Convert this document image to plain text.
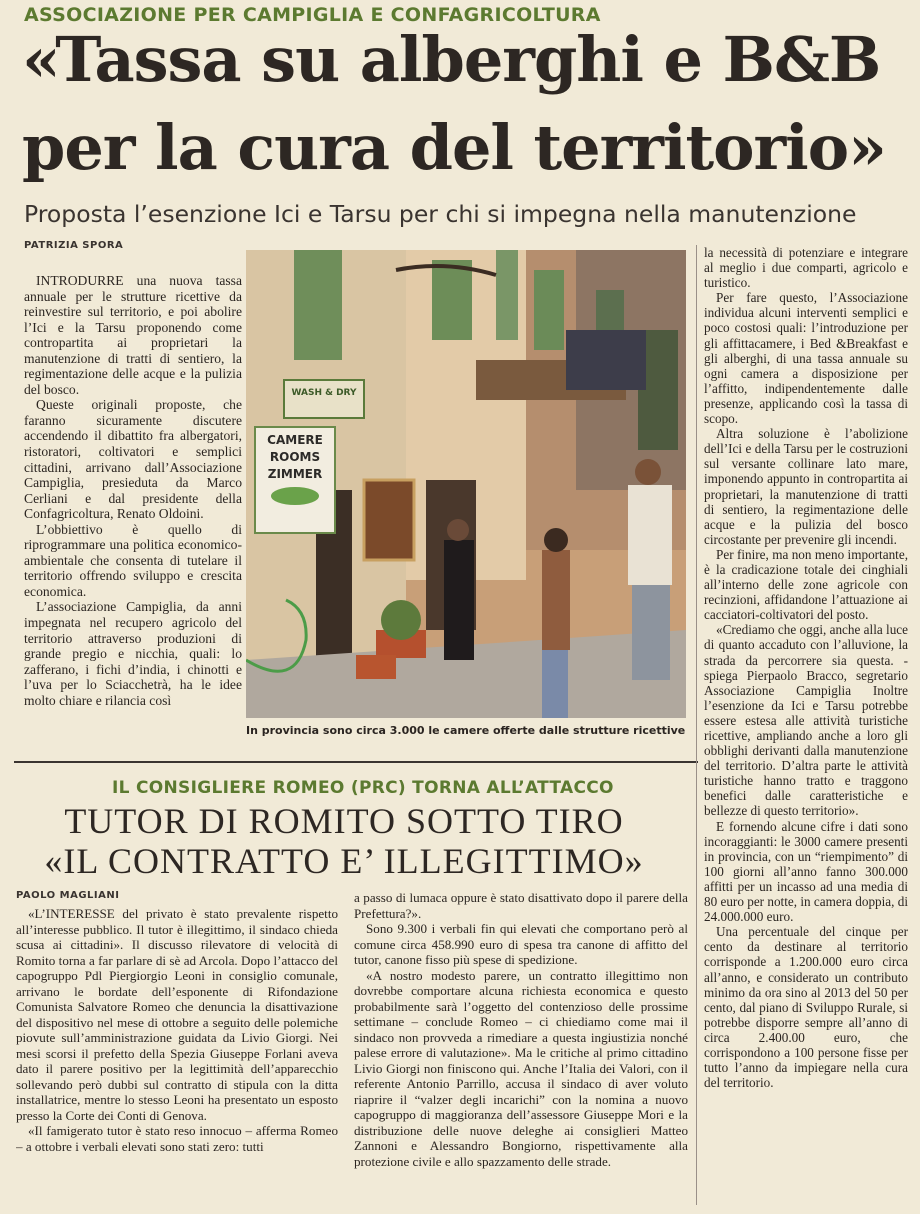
ASSOCIAZIONE PER CAMPIGLIA E CONFAGRICOLTURA
«Tassa su alberghi e B&B
per la cura del territorio»
Proposta l’esenzione Ici e Tarsu per chi si impegna nella manutenzione
PATRIZIA SPORA

INTRODURRE una nuova tassa annuale per le strutture ricettive da reinvestire sul territorio, e poi abolire l’Ici e la Tarsu proponendo come contropartita ai proprietari la manutenzione di tratti di sentiero, la regimentazione delle acque e la pulizia del bosco.

Queste originali proposte, che faranno sicuramente discutere accendendo il dibattito fra albergatori, ristoratori, coltivatori e semplici cittadini, arrivano dall’Associazione Campiglia, presieduta da Marco Cerliani e dal presidente della Confagricoltura, Renato Oldoini.

L’obbiettivo è quello di riprogrammare una politica economico-ambientale che consenta di tutelare il territorio offrendo sviluppo e crescita economica.

L’associazione Campiglia, da anni impegnata nel recupero agricolo del territorio attraverso produzioni di grande pregio e nicchia, quali: lo zafferano, i fichi d’india, i chinotti e l’uva per lo Sciacchetrà, ha le idee molto chiare e rilancia così

WASH & DRY
CAMERE
ROOMS
ZIMMER
In provincia sono circa 3.000 le camere offerte dalle strutture ricettive

la necessità di potenziare e integrare al meglio i due comparti, agricolo e turistico.

Per fare questo, l’Associazione individua alcuni interventi semplici e poco costosi quali: l’introduzione per gli affittacamere, i Bed &Breakfast e gli alberghi, di una tassa annuale su ogni camera a disposizione per l’affitto, indipendentemente dalle presenze, applicando così la tassa di scopo.

Altra soluzione è l’abolizione dell’Ici e della Tarsu per le costruzioni sul versante collinare lato mare, imponendo appunto in contropartita ai proprietari, la manutenzione di tratti di sentiero, la regimentazione delle acque e la pulizia del bosco circostante per prevenire gli incendi.

Per finire, ma non meno importante, è la cradicazione totale dei cinghiali all’interno delle zone agricole con recinzioni, affidandone l’attuazione ai cacciatori-coltivatori del posto.

«Crediamo che oggi, anche alla luce di quanto accaduto con l’alluvione, la strada da percorrere sia questa. -spiega Pierpaolo Bracco, segretario Associazione Campiglia Inoltre l’esenzione da Ici e Tarsu potrebbe essere estesa alle attività turistiche ricettive, ampliando anche a loro gli obblighi derivanti dalla manutenzione del territorio. D’altra parte le attività turistiche hanno tratto e traggono benefici dalle caratteristiche e bellezze di questo territorio».

E fornendo alcune cifre i dati sono incoraggianti: le 3000 camere presenti in provincia, con un “riempimento” di 100 giorni all’anno fanno 300.000 affitti per un incasso ad una media di 80 euro per notte, in camera doppia, di 24.000.000 euro.

Una percentuale del cinque per cento da destinare al territorio corrisponde a 1.200.000 euro circa all’anno, e considerato un contributo minimo da ora sino al 2013 del 50 per cento, dal piano di Sviluppo Rurale, si potrebbe disporre sempre all’anno di circa 2.400.00 euro, che corrispondono a 100 persone fisse per tutto l’anno da impiegare nella cura del territorio.

IL CONSIGLIERE ROMEO (PRC) TORNA ALL’ATTACCO
TUTOR DI ROMITO SOTTO TIRO
«IL CONTRATTO E’ ILLEGITTIMO»
PAOLO MAGLIANI

«L’INTERESSE del privato è stato prevalente rispetto all’interesse pubblico. Il tutor è illegittimo, il sindaco chieda scusa ai cittadini». Il discusso rilevatore di velocità di Romito torna a far parlare di sè ad Arcola. Dopo l’attacco del capogruppo Pdl Piergiorgio Leoni in consiglio comunale, arrivano le bordate dell’esponente di Rifondazione Comunista Salvatore Romeo che denuncia la disattivazione del dispositivo nel mese di ottobre a seguito delle polemiche piovute sull’amministrazione guidata da Livio Giorgi. Nei mesi scorsi il prefetto della Spezia Giuseppe Forlani aveva dato il parere positivo per la legittimità dell’apparecchio sollevando però dubbi sul contratto di stipula con la ditta installatrice, mentre lo stesso Leoni ha presentato un esposto presso la Corte dei Conti di Genova.

«Il famigerato tutor è stato reso innocuo – afferma Romeo – a ottobre i verbali elevati sono stati zero: tutti

a passo di lumaca oppure è stato disattivato dopo il parere della Prefettura?».

Sono 9.300 i verbali fin qui elevati che comportano però al comune circa 458.990 euro di spesa tra canone di affitto del tutor, canone fisso più spese di spedizione.

«A nostro modesto parere, un contratto illegittimo non dovrebbe comportare alcuna richiesta economica e questo probabilmente sarà l’oggetto del contenzioso delle prossime settimane – conclude Romeo – ci chiediamo come mai il sindaco non provveda a rimediare a questa ingiustizia nonché palese errore di valutazione». Ma le critiche al primo cittadino Livio Giorgi non finiscono qui. Anche l’Italia dei Valori, con il referente Antonio Parrillo, accusa il sindaco di aver voluto riaprire il “valzer degli incarichi” con la nomina a nuovo capogruppo di maggioranza dell’assessore Giuseppe Mori e la distribuzione delle nuove deleghe ai consiglieri Matteo Zannoni e Alessandro Bongiorno, rispettivamente alla protezione civile e allo spazzamento delle strade.
